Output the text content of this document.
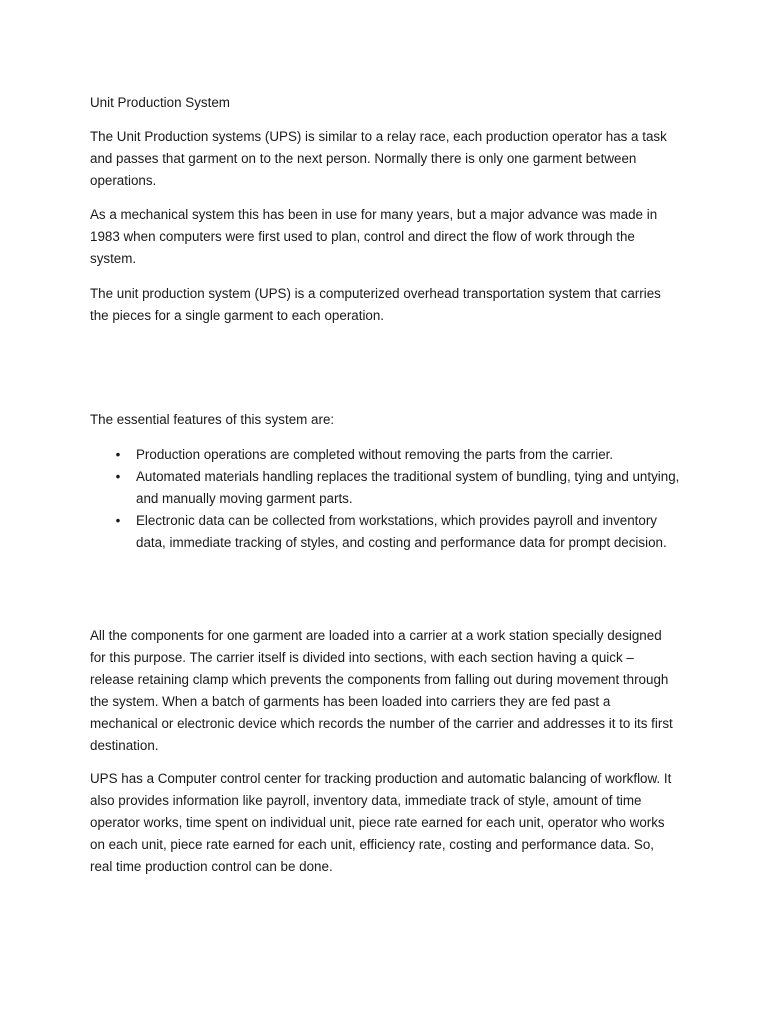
Unit Production System

The Unit Production systems (UPS) is similar to a relay race, each production operator has a task and passes that garment on to the next person. Normally there is only one garment between operations.

As a mechanical system this has been in use for many years, but a major advance was made in 1983 when computers were first used to plan, control and direct the flow of work through the system.

The unit production system (UPS) is a computerized overhead transportation system that carries the pieces for a single garment to each operation.

The essential features of this system are:

• Production operations are completed without removing the parts from the carrier.
• Automated materials handling replaces the traditional system of bundling, tying and untying, and manually moving garment parts.
• Electronic data can be collected from workstations, which provides payroll and inventory data, immediate tracking of styles, and costing and performance data for prompt decision.

All the components for one garment are loaded into a carrier at a work station specially designed for this purpose. The carrier itself is divided into sections, with each section having a quick – release retaining clamp which prevents the components from falling out during movement through the system. When a batch of garments has been loaded into carriers they are fed past a mechanical or electronic device which records the number of the carrier and addresses it to its first destination.

UPS has a Computer control center for tracking production and automatic balancing of workflow. It also provides information like payroll, inventory data, immediate track of style, amount of time operator works, time spent on individual unit, piece rate earned for each unit, operator who works on each unit, piece rate earned for each unit, efficiency rate, costing and performance data. So, real time production control can be done.
